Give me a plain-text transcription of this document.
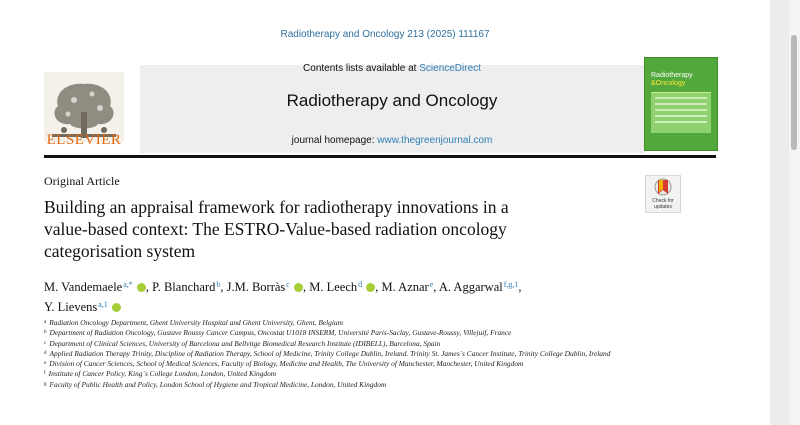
Radiotherapy and Oncology 213 (2025) 111167
ELSEVIER
Contents lists available at ScienceDirect
Radiotherapy and Oncology
journal homepage: www.thegreenjournal.com
Radiotherapy
&Oncology
Original Article
Check for updates
Building an appraisal framework for radiotherapy innovations in a
value-based context: The ESTRO-Value-based radiation oncology
categorisation system
M. Vandemaele$^{a,*}$ , P. Blanchard$^b$, J.M. Borràs$^c$ , M. Leech$^d$ , M. Aznar$^e$, A. Aggarwal$^{f,g,1}$,
Y. Lievens$^{a,1}$
$^a$ Radiation Oncology Department, Ghent University Hospital and Ghent University, Ghent, Belgium
$^b$ Department of Radiation Oncology, Gustave Roussy Cancer Campus, Oncostat U1018 INSERM, Université Paris-Saclay, Gustave-Roussy, Villejuif, France
$^c$ Department of Clinical Sciences, University of Barcelona and Bellvitge Biomedical Research Institute (IDIBELL), Barcelona, Spain
$^d$ Applied Radiation Therapy Trinity, Discipline of Radiation Therapy, School of Medicine, Trinity College Dublin, Ireland. Trinity St. James`s Cancer Institute, Trinity College Dublin, Ireland
$^e$ Division of Cancer Sciences, School of Medical Sciences, Faculty of Biology, Medicine and Health, The University of Manchester, Manchester, United Kingdom
$^f$ Institute of Cancer Policy, King`s College London, London, United Kingdom
$^g$ Faculty of Public Health and Policy, London School of Hygiene and Tropical Medicine, London, United Kingdom
